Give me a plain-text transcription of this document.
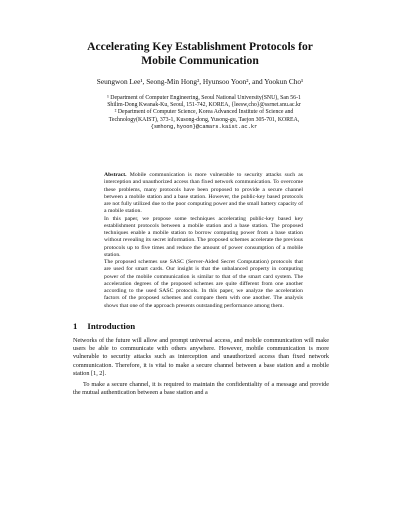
Accelerating Key Establishment Protocols for
Mobile Communication
Seungwon Lee¹, Seong-Min Hong², Hyunsoo Yoon², and Yookun Cho¹
¹ Department of Computer Engineering, Seoul National University(SNU), San 56-1
Shilim-Dong Kwanak-Ku, Seoul, 151-742, KOREA, {leesw,cho}@ssrnet.snu.ac.kr
² Department of Computer Science, Korea Advanced Institute of Science and
Technology(KAIST), 373-1, Kusong-dong, Yusong-gu, Taejon 305-701, KOREA,
{smhong,hyoon}@camars.kaist.ac.kr

Abstract. Mobile communication is more vulnerable to security attacks such as interception and unauthorized access than fixed network communication. To overcome these problems, many protocols have been proposed to provide a secure channel between a mobile station and a base station. However, the public-key based protocols are not fully utilized due to the poor computing power and the small battery capacity of a mobile station.

In this paper, we propose some techniques accelerating public-key based key establishment protocols between a mobile station and a base station. The proposed techniques enable a mobile station to borrow computing power from a base station without revealing its secret information. The proposed schemes accelerate the previous protocols up to five times and reduce the amount of power consumption of a mobile station.

The proposed schemes use SASC (Server-Aided Secret Computation) protocols that are used for smart cards. Our insight is that the unbalanced property in computing power of the mobile communication is similar to that of the smart card system. The acceleration degrees of the proposed schemes are quite different from one another according to the used SASC protocols. In this paper, we analyze the acceleration factors of the proposed schemes and compare them with one another. The analysis shows that one of the approach presents outstanding performance among them.

1 Introduction

Networks of the future will allow and prompt universal access, and mobile communication will make users be able to communicate with others anywhere. However, mobile communication is more vulnerable to security attacks such as interception and unauthorized access than fixed network communication. Therefore, it is vital to make a secure channel between a base station and a mobile station [1, 2].

To make a secure channel, it is required to maintain the confidentiality of a message and provide the mutual authentication between a base station and a
